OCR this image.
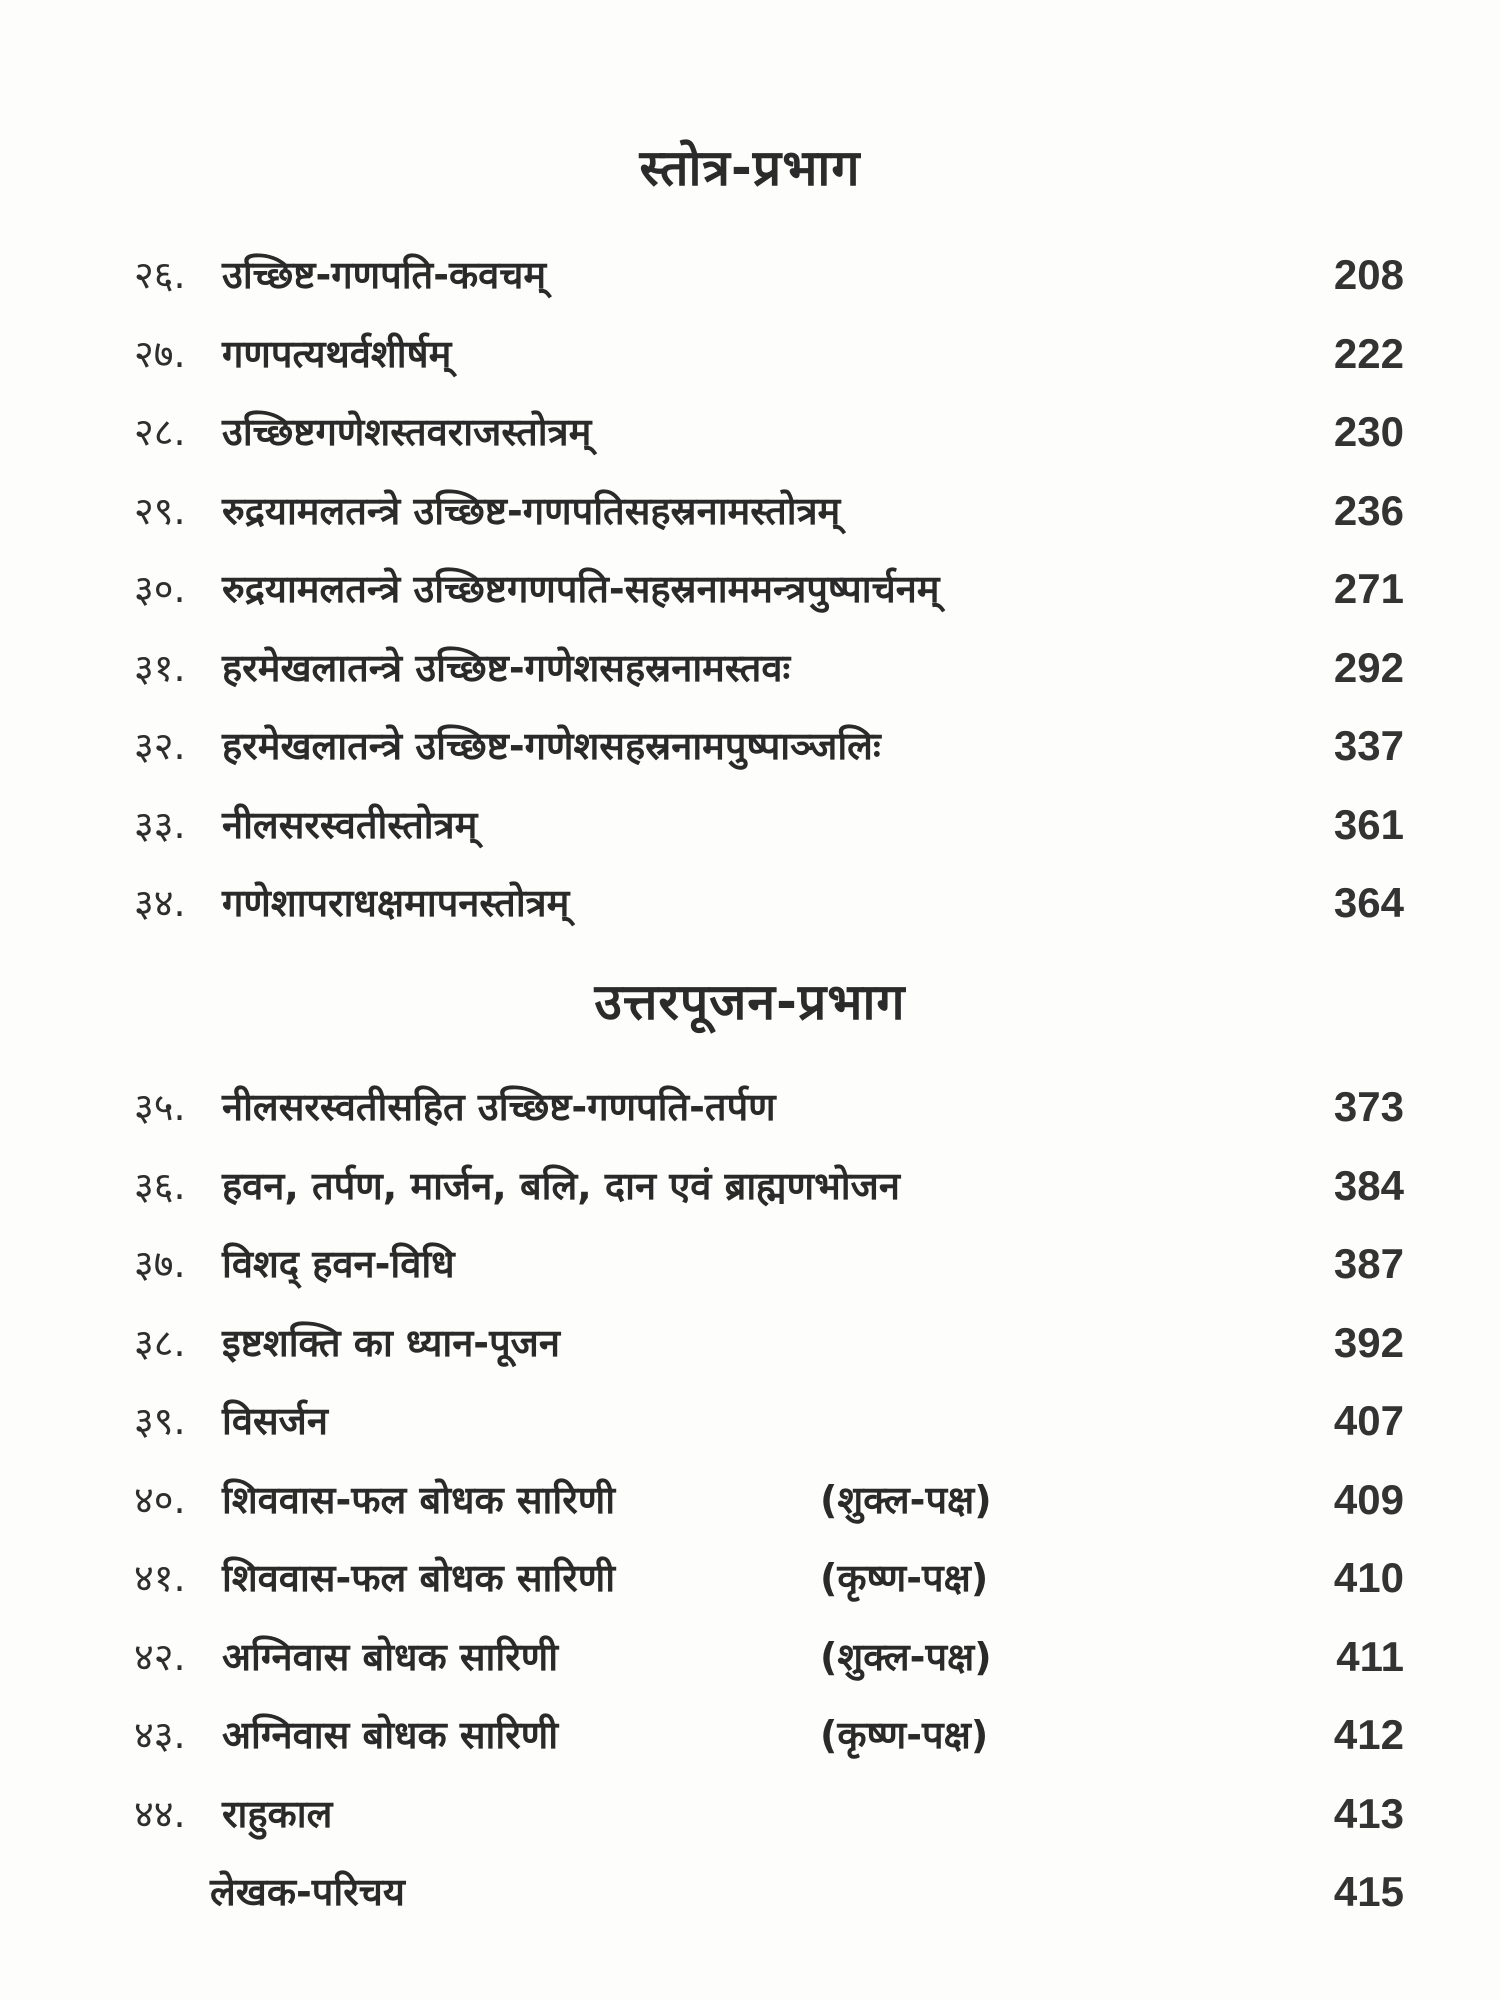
स्तोत्र-प्रभाग
२६. उच्छिष्ट-गणपति-कवचम्	208
२७. गणपत्यथर्वशीर्षम्	222
२८. उच्छिष्टगणेशस्तवराजस्तोत्रम्	230
२९. रुद्रयामलतन्त्रे उच्छिष्ट-गणपतिसहस्रनामस्तोत्रम्	236
३०. रुद्रयामलतन्त्रे उच्छिष्टगणपति-सहस्रनाममन्त्रपुष्पार्चनम्	271
३१. हरमेखलातन्त्रे उच्छिष्ट-गणेशसहस्रनामस्तवः	292
३२. हरमेखलातन्त्रे उच्छिष्ट-गणेशसहस्रनामपुष्पाञ्जलिः	337
३३. नीलसरस्वतीस्तोत्रम्	361
३४. गणेशापराधक्षमापनस्तोत्रम्	364
उत्तरपूजन-प्रभाग
३५. नीलसरस्वतीसहित उच्छिष्ट-गणपति-तर्पण	373
३६. हवन, तर्पण, मार्जन, बलि, दान एवं ब्राह्मणभोजन	384
३७. विशद् हवन-विधि	387
३८. इष्टशक्ति का ध्यान-पूजन	392
३९. विसर्जन	407
४०. शिववास-फल बोधक सारिणी	(शुक्ल-पक्ष)	409
४१. शिववास-फल बोधक सारिणी	(कृष्ण-पक्ष)	410
४२. अग्निवास बोधक सारिणी	(शुक्ल-पक्ष)	411
४३. अग्निवास बोधक सारिणी	(कृष्ण-पक्ष)	412
४४. राहुकाल	413
लेखक-परिचय	415
